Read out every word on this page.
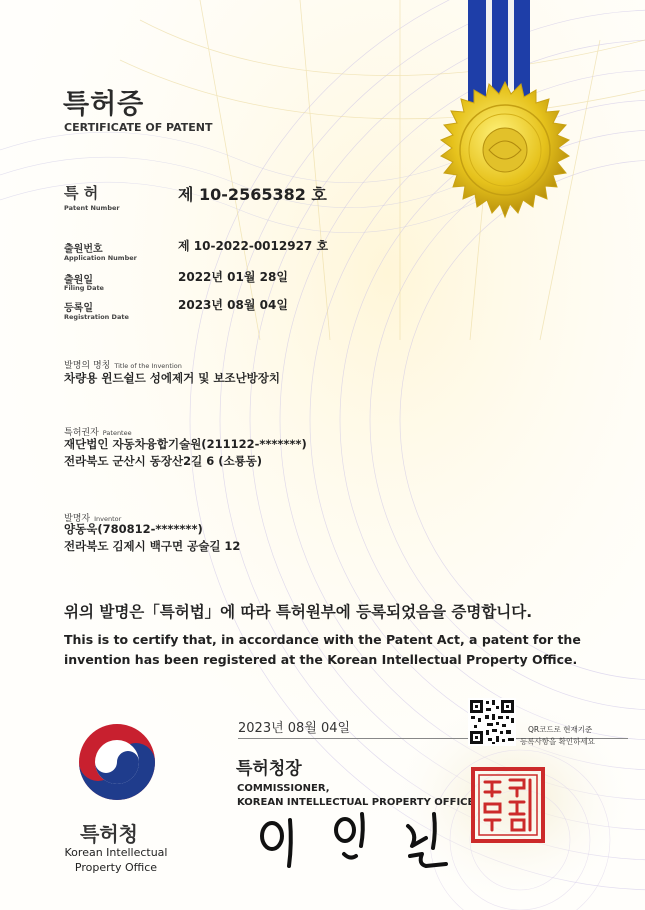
특허증
CERTIFICATE OF PATENT
특 허
Patent Number
제 10-2565382 호
출원번호
Application Number
제 10-2022-0012927 호
출원일
Filing Date
2022년 01월 28일
등록일
Registration Date
2023년 08월 04일
발명의 명칭 Title of the Invention
차량용 윈드쉴드 성에제거 및 보조난방장치
특허권자 Patentee
재단법인 자동차융합기술원(211122-*******)
전라북도 군산시 동장산2길 6 (소룡동)
발명자 Inventor
양동욱(780812-*******)
전라북도 김제시 백구면 공술길 12
위의 발명은「특허법」에 따라 특허원부에 등록되었음을 증명합니다.
This is to certify that, in accordance with the Patent Act, a patent for the
invention has been registered at the Korean Intellectual Property Office.
2023년 08월 04일	QR코드로 현재기준
등록사항을 확인하세요
특허청장
COMMISSIONER,
KOREAN INTELLECTUAL PROPERTY OFFICE
특허청
Korean Intellectual
Property Office
